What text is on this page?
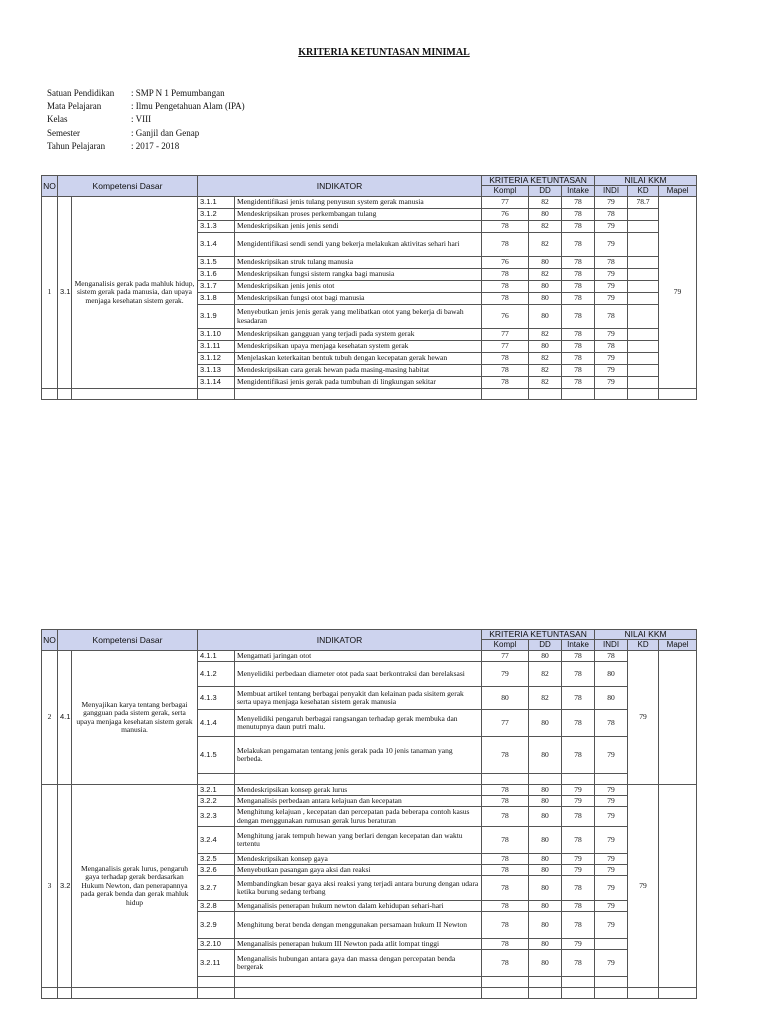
KRITERIA KETUNTASAN MINIMAL
Satuan Pendidikan	: SMP N 1 Pemumbangan
Mata Pelajaran	: Ilmu Pengetahuan Alam (IPA)
Kelas	: VIII
Semester	: Ganjil dan Genap
Tahun Pelajaran	: 2017 - 2018
NO	Kompetensi Dasar		INDIKATOR		KRITERIA KETUNTASAN			NILAI KKM		
					Kompl	DD	Intake	INDI	KD	Mapel
1	3.1	Menganalisis gerak pada mahluk hidup, sistem gerak pada manusia, dan upaya menjaga kesehatan sistem gerak.	3.1.1	Mengidentifikasi jenis tulang penyusun system gerak manusia	77	82	78	79	78.7	79
			3.1.2	Mendeskripsikan proses perkembangan tulang	76	80	78	78		
			3.1.3	Mendeskripsikan jenis jenis sendi	78	82	78	79		
			3.1.4	Mengidentifikasi sendi sendi yang bekerja melakukan aktivitas sehari hari	78	82	78	79		
			3.1.5	Mendeskripsikan struk tulang manusia	76	80	78	78		
			3.1.6	Mendeskripsikan fungsi sistem rangka bagi manusia	78	82	78	79		
			3.1.7	Mendeskripsikan jenis jenis otot	78	80	78	79		
			3.1.8	Mendeskripsikan fungsi otot bagi manusia	78	80	78	79		
			3.1.9	Menyebutkan jenis jenis gerak yang melibatkan otot yang bekerja di bawah kesadaran	76	80	78	78		
			3.1.10	Mendeskripsikan gangguan yang terjadi pada system gerak	77	82	78	79		
			3.1.11	Mendeskripsikan upaya menjaga kesehatan system gerak	77	80	78	78		
			3.1.12	Menjelaskan keterkaitan bentuk tubuh dengan kecepatan gerak hewan	78	82	78	79		
			3.1.13	Mendeskripsikan cara gerak hewan pada masing-masing habitat	78	82	78	79		
			3.1.14	Mengidentifikasi jenis gerak pada tumbuhan di lingkungan sekitar	78	82	78	79		

NO	Kompetensi Dasar		INDIKATOR		KRITERIA KETUNTASAN			NILAI KKM		
					Kompl	DD	Intake	INDI	KD	Mapel
2	4.1	Menyajikan karya tentang berbagai gangguan pada sistem gerak, serta upaya menjaga kesehatan sistem gerak manusia.	4.1.1	Mengamati jaringan otot	77	80	78	78	79	
			4.1.2	Menyelidiki perbedaan diameter otot pada saat berkontraksi dan berelaksasi	79	82	78	80		
			4.1.3	Membuat artikel tentang berbagai penyakit dan kelainan pada sisitem gerak serta upaya menjaga kesehatan sistem gerak manusia	80	82	78	80		
			4.1.4	Menyelidiki pengaruh berbagai rangsangan terhadap gerak membuka dan menutupnya daun putri malu.	77	80	78	78		
			4.1.5	Melakukan pengamatan tentang jenis gerak pada 10 jenis tanaman yang berbeda.	78	80	78	79		

3	3.2	Menganalisis gerak lurus, pengaruh gaya terhadap gerak berdasarkan Hukum Newton, dan penerapannya pada gerak benda dan gerak mahluk hidup	3.2.1	Mendeskripsikan konsep gerak lurus	78	80	79	79	79	
			3.2.2	Menganalisis perbedaan antara kelajuan dan kecepatan	78	80	79	79		
			3.2.3	Menghitung kelajuan , kecepatan dan percepatan pada beberapa contoh kasus dengan menggunakan rumusan gerak lurus beraturan	78	80	78	79		
			3.2.4	Menghitung jarak tempuh hewan yang berlari dengan kecepatan dan waktu tertentu	78	80	78	79		
			3.2.5	Mendeskripsikan konsep gaya	78	80	79	79		
			3.2.6	Menyebutkan pasangan gaya aksi dan reaksi	78	80	79	79		
			3.2.7	Membandingkan besar gaya aksi reaksi yang terjadi antara burung dengan udara ketika burung sedang terbang	78	80	78	79		
			3.2.8	Menganalisis penerapan hukum newton dalam kehidupan sehari-hari	78	80	78	79		
			3.2.9	Menghitung berat benda dengan menggunakan persamaan hukum II Newton	78	80	78	79		
			3.2.10	Menganalisis penerapan hukum III Newton pada atlit lompat tinggi	78	80	79			
			3.2.11	Menganalisis hubungan antara gaya dan massa dengan percepatan benda bergerak	78	80	78	79		
